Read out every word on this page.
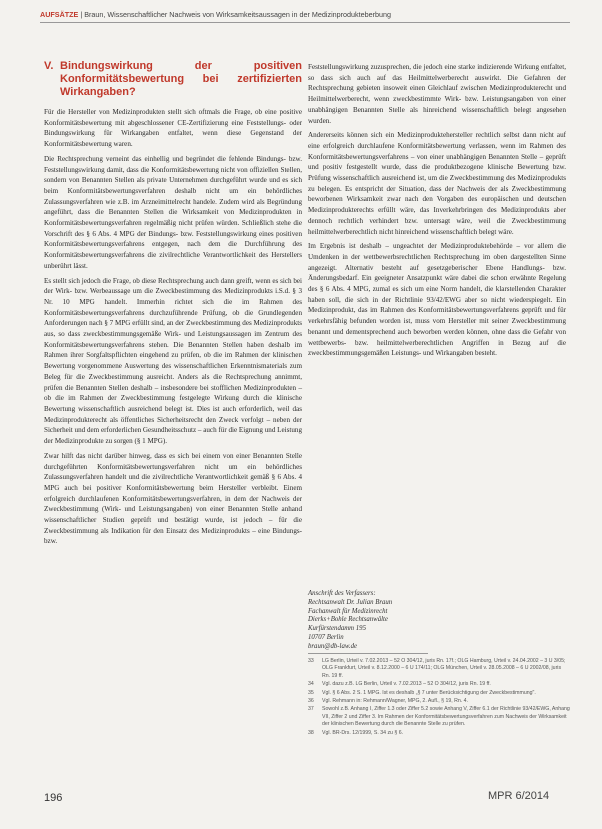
AUFSÄTZE | Braun, Wissenschaftlicher Nachweis von Wirksamkeitsaussagen in der Medizinprodukteberbung
V. Bindungswirkung der positiven Konformitätsbewertung bei zertifizierten Wirkangaben?

Für die Hersteller von Medizinprodukten stellt sich oftmals die Frage, ob eine positive Konformitätsbewertung mit abgeschlossener CE-Zertifizierung eine Feststellungs- oder Bindungswirkung für Wirkangaben entfaltet, wenn diese Gegenstand der Konformitätsbewertung waren.

Die Rechtsprechung verneint das einhellig und begründet die fehlende Bindungs- bzw. Feststellungswirkung damit, dass die Konformitätsbewertung nicht von offiziellen Stellen, sondern von Benannten Stellen als private Unternehmen durchgeführt wurde und es sich beim Konformitätsbewertungsverfahren deshalb nicht um ein behördliches Zulassungsverfahren wie z.B. im Arzneimittelrecht handele. Zudem wird als Begründung angeführt, dass die Benannten Stellen die Wirksamkeit von Medizinprodukten in Konformitätsbewertungsverfahren regelmäßig nicht prüfen würden. Schließlich stehe die Vorschrift des § 6 Abs. 4 MPG der Bindungs- bzw. Feststellungswirkung eines positiven Konformitätsbewertungsverfahrens entgegen, nach dem die Durchführung des Konformitätsbewertungsverfahrens die zivilrechtliche Verantwortlichkeit des Herstellers unberührt lässt.

Es stellt sich jedoch die Frage, ob diese Rechtsprechung auch dann greift, wenn es sich bei der Wirk- bzw. Werbeaussage um die Zweckbestimmung des Medizinprodukts i.S.d. § 3 Nr. 10 MPG handelt. Immerhin richtet sich die im Rahmen des Konformitätsbewertungsverfahrens durchzuführende Prüfung, ob die Grundlegenden Anforderungen nach § 7 MPG erfüllt sind, an der Zweckbestimmung des Medizinprodukts aus, so dass zweckbestimmungsgemäße Wirk- und Leistungsaussagen im Zentrum des Konformitätsbewertungsverfahrens stehen. Die Benannten Stellen haben deshalb im Rahmen ihrer Sorgfaltspflichten eingehend zu prüfen, ob die im Rahmen der klinischen Bewertung vorgenommene Auswertung des wissenschaftlichen Erkenntnismaterials zum Beleg für die Zweckbestimmung ausreicht. Anders als die Rechtsprechung annimmt, prüfen die Benannten Stellen deshalb – insbesondere bei stofflichen Medizinprodukten – ob die im Rahmen der Zweckbestimmung festgelegte Wirkung durch die klinische Bewertung wissenschaftlich ausreichend belegt ist. Dies ist auch erforderlich, weil das Medizinprodukterecht als öffentliches Sicherheitsrecht den Zweck verfolgt – neben der Sicherheit und dem erforderlichen Gesundheitsschutz – auch für die Eignung und Leistung der Medizinprodukte zu sorgen (§ 1 MPG).

Zwar hilft das nicht darüber hinweg, dass es sich bei einem von einer Benannten Stelle durchgeführten Konformitätsbewertungsverfahren nicht um ein behördliches Zulassungsverfahren handelt und die zivilrechtliche Verantwortlichkeit gemäß § 6 Abs. 4 MPG auch bei positiver Konformitätsbewertung beim Hersteller verbleibt. Einem erfolgreich durchlaufenen Konformitätsbewertungsverfahren, in dem der Nachweis der Zweckbestimmung (Wirk- und Leistungsangaben) von einer Benannten Stelle anhand wissenschaftlicher Studien geprüft und bestätigt wurde, ist jedoch – für die Zweckbestimmung als Indikation für den Einsatz des Medizinprodukts – eine Bindungs- bzw.

Feststellungswirkung zuzusprechen, die jedoch eine starke indizierende Wirkung entfaltet, so dass sich auch auf das Heilmittelwerberecht auswirkt. Die Gefahren der Rechtsprechung gebieten insoweit einen Gleichlauf zwischen Medizinprodukterecht und Heilmittelwerberecht, wenn zweckbestimmte Wirk- bzw. Leistungsangaben von einer unabhängigen Benannten Stelle als hinreichend wissenschaftlich belegt angesehen wurden.

Andererseits können sich ein Medizinproduktehersteller rechtlich selbst dann nicht auf eine erfolgreich durchlaufene Konformitätsbewertung verlassen, wenn im Rahmen des Konformitätsbewertungsverfahrens – von einer unabhängigen Benannten Stelle – geprüft und positiv festgestellt wurde, dass die produktbezogene klinische Bewertung bzw. Prüfung wissenschaftlich ausreichend ist, um die Zweckbestimmung des Medizinprodukts zu belegen. Es entspricht der Situation, dass der Nachweis der als Zweckbestimmung beworbenen Wirksamkeit zwar nach den Vorgaben des europäischen und deutschen Medizinprodukterechts erfüllt wäre, das Inverkehrbringen des Medizinprodukts aber dennoch rechtlich verhindert bzw. untersagt wäre, weil die Zweckbestimmung heilmittelwerberechtlich nicht hinreichend wissenschaftlich belegt wäre.

Im Ergebnis ist deshalb – ungeachtet der Medizinproduktebehörde – vor allem die Umdenken in der wettbewerbsrechtlichen Rechtsprechung im oben dargestellten Sinne angezeigt. Alternativ besteht auf gesetzgeberischer Ebene Handlungs- bzw. Änderungsbedarf. Ein geeigneter Ansatzpunkt wäre dabei die schon erwähnte Regelung des § 6 Abs. 4 MPG, zumal es sich um eine Norm handelt, die klarstellenden Charakter haben soll, die sich in der Richtlinie 93/42/EWG aber so nicht wiederspiegelt. Ein Medizinprodukt, das im Rahmen des Konformitätsbewertungsverfahrens geprüft und für verkehrsfähig befunden worden ist, muss vom Hersteller mit seiner Zweckbestimmung benannt und dementsprechend auch beworben werden können, ohne dass die Gefahr von wettbewerbs- bzw. heilmittelwerberechtlichen Angriffen in Bezug auf die zweckbestimmungsgemäßen Leistungs- und Wirkangaben besteht.

Anschrift des Verfassers:
Rechtsanwalt Dr. Julian Braun
Fachanwalt für Medizinrecht
Dierks+Bohle Rechtsanwälte
Kurfürstendamm 195
10707 Berlin
braun@db-law.de
33	LG Berlin, Urteil v. 7.02.2013 – 52 O 304/12, juris Rn. 17f.; OLG Hamburg, Urteil v. 24.04.2002 – 3 U 3/05; OLG Frankfurt, Urteil v. 8.12.2000 – 6 U 174/11; OLG München, Urteil v. 28.05.2008 – 6 U 2002/08, juris Rn. 19 ff.
34	Vgl. dazu z.B. LG Berlin, Urteil v. 7.02.2013 – 52 O 304/12, juris Rn. 19 ff.
35	Vgl. § 6 Abs. 2 S. 1 MPG. Ist es deshalb „§ 7 unter Berücksichtigung der Zweckbestimmung".
36	Vgl. Rehmann in: Rehmann/Wagner, MPG, 2. Aufl., § 19, Rn. 4.
37	Sowohl z.B. Anhang I, Ziffer 1.3 oder Ziffer 5.2 sowie Anhang V, Ziffer 6.1 der Richtlinie 93/42/EWG, Anhang VII, Ziffer 2 und Ziffer 3. Im Rahmen der Konformitätsbewertungsverfahren zum Nachweis der Wirksamkeit der klinischen Bewertung durch die Benannte Stelle zu prüfen.
38	Vgl. BR-Drs. 12/1999, S. 34 zu § 6.
196	MPR 6/2014
